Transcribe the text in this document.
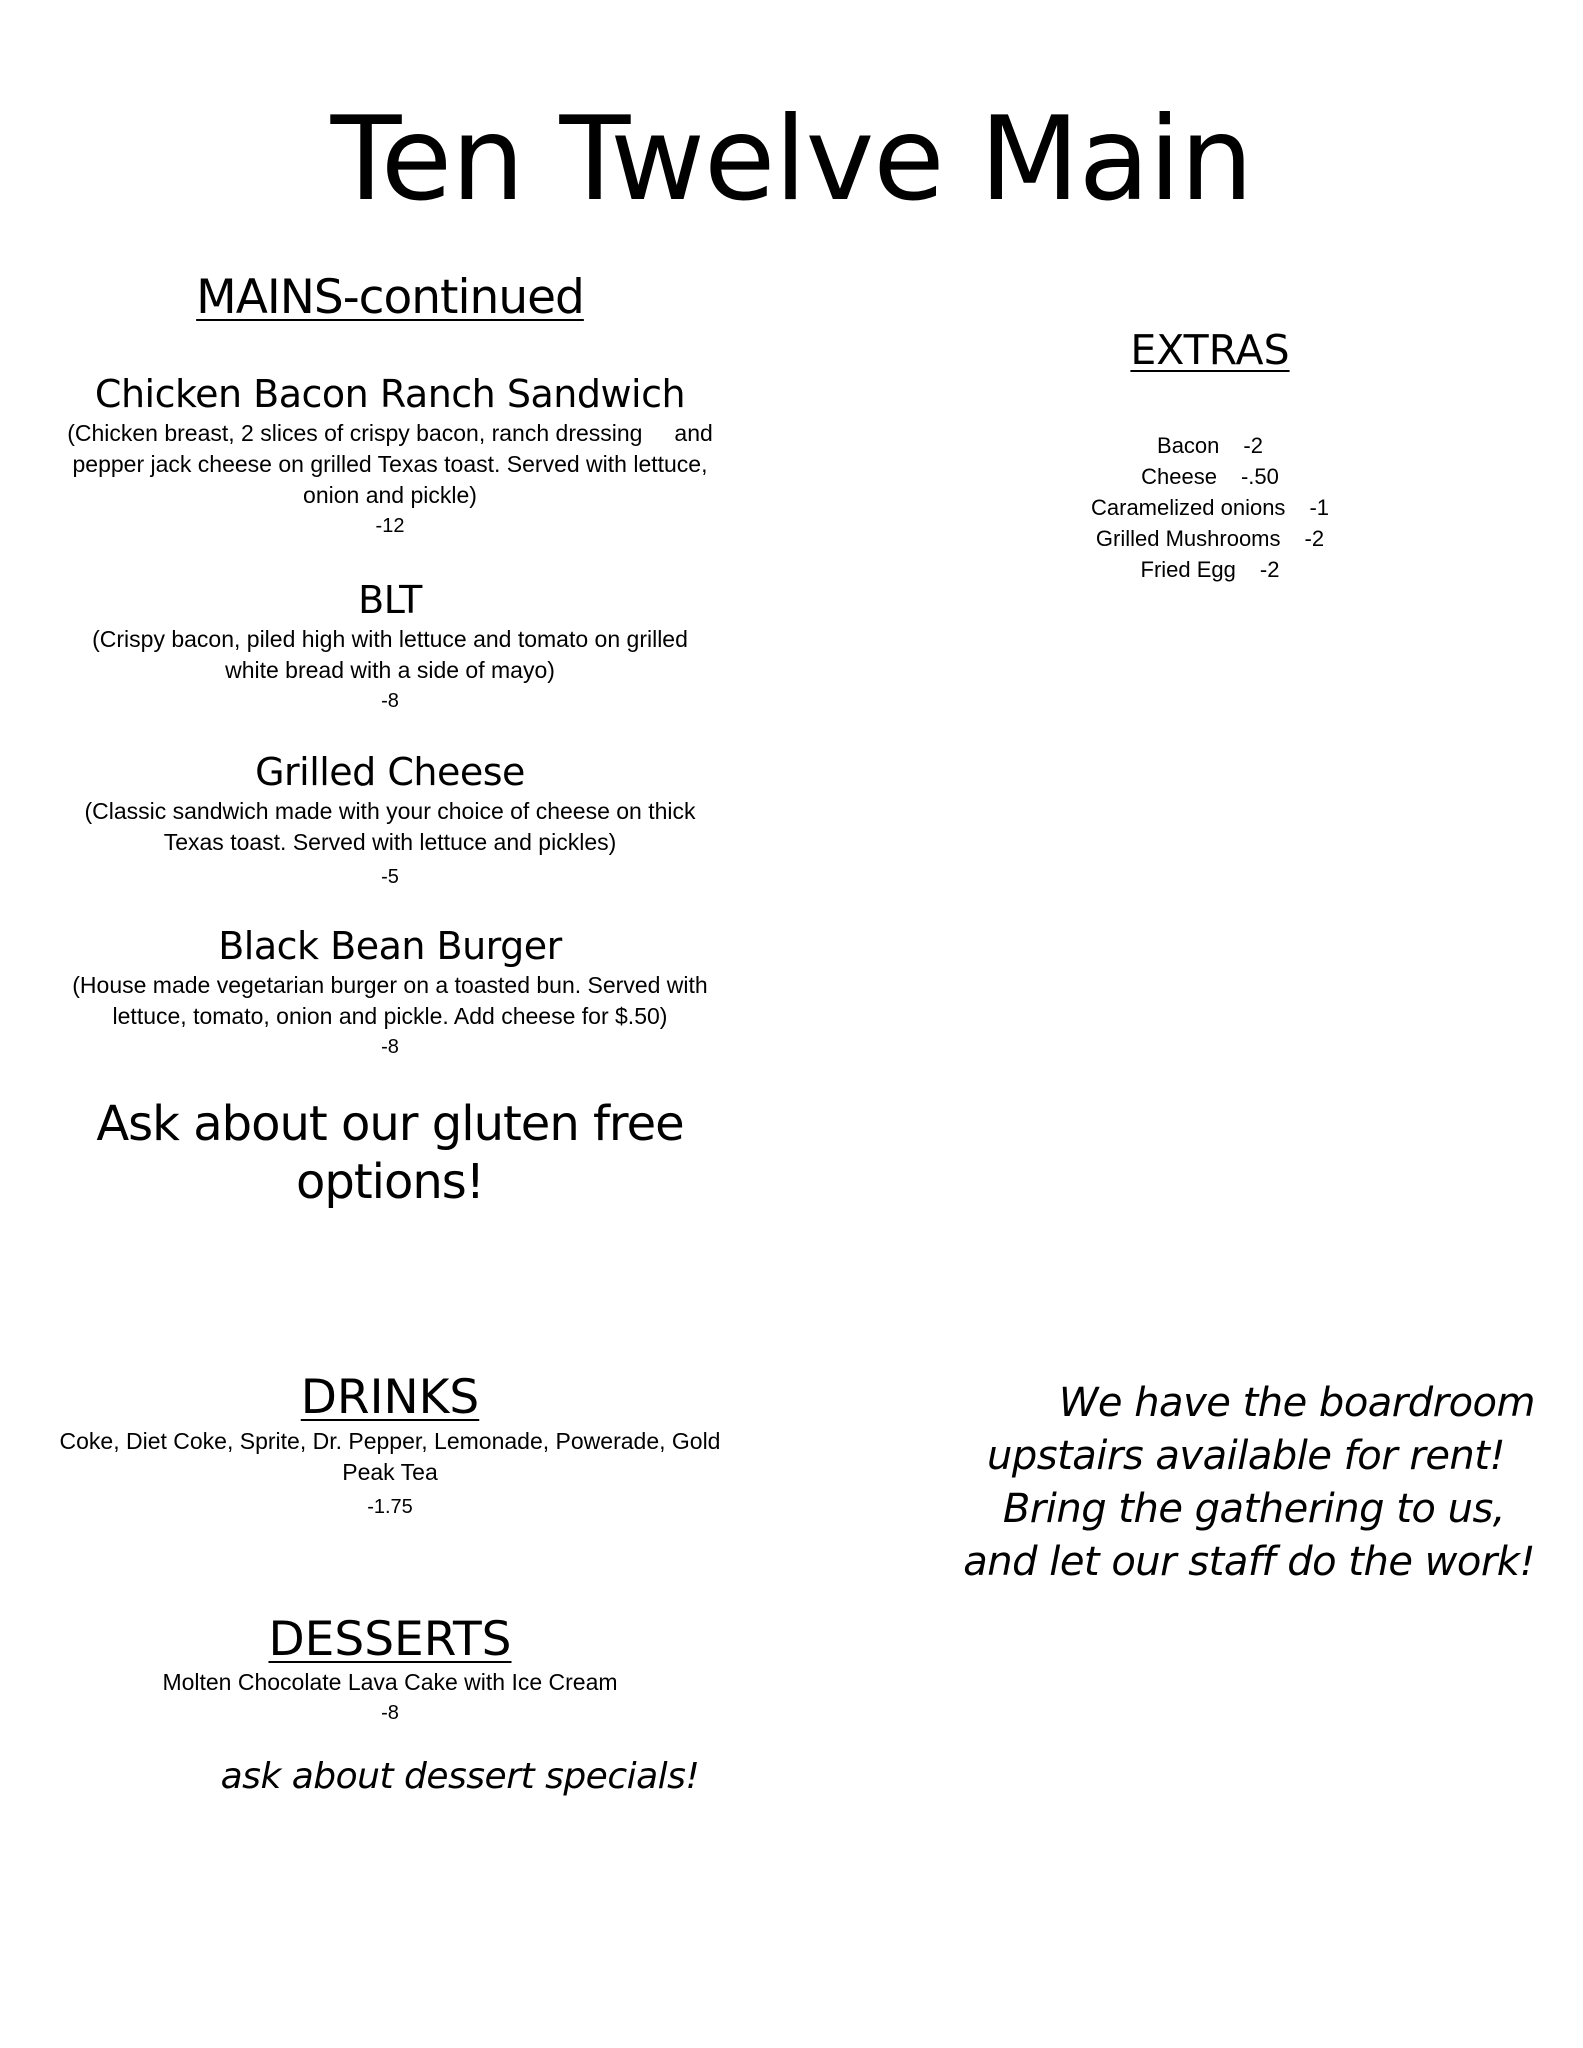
Ten Twelve Main
MAINS-continued
Chicken Bacon Ranch Sandwich
(Chicken breast, 2 slices of crispy bacon, ranch dressing     and
pepper jack cheese on grilled Texas toast. Served with lettuce,
onion and pickle)
-12
BLT
(Crispy bacon, piled high with lettuce and tomato on grilled
white bread with a side of mayo)
-8
Grilled Cheese
(Classic sandwich made with your choice of cheese on thick
Texas toast. Served with lettuce and pickles)
-5
Black Bean Burger
(House made vegetarian burger on a toasted bun. Served with
lettuce, tomato, onion and pickle. Add cheese for $.50)
-8
Ask about our gluten free
options!
EXTRAS
Bacon -2
Cheese -.50
Caramelized onions -1
Grilled Mushrooms -2
Fried Egg -2
DRINKS
Coke, Diet Coke, Sprite, Dr. Pepper, Lemonade, Powerade, Gold
Peak Tea
-1.75
DESSERTS
Molten Chocolate Lava Cake with Ice Cream
-8
ask about dessert specials!
We have the boardroom
upstairs available for rent!
Bring the gathering to us,
and let our staff do the work!
